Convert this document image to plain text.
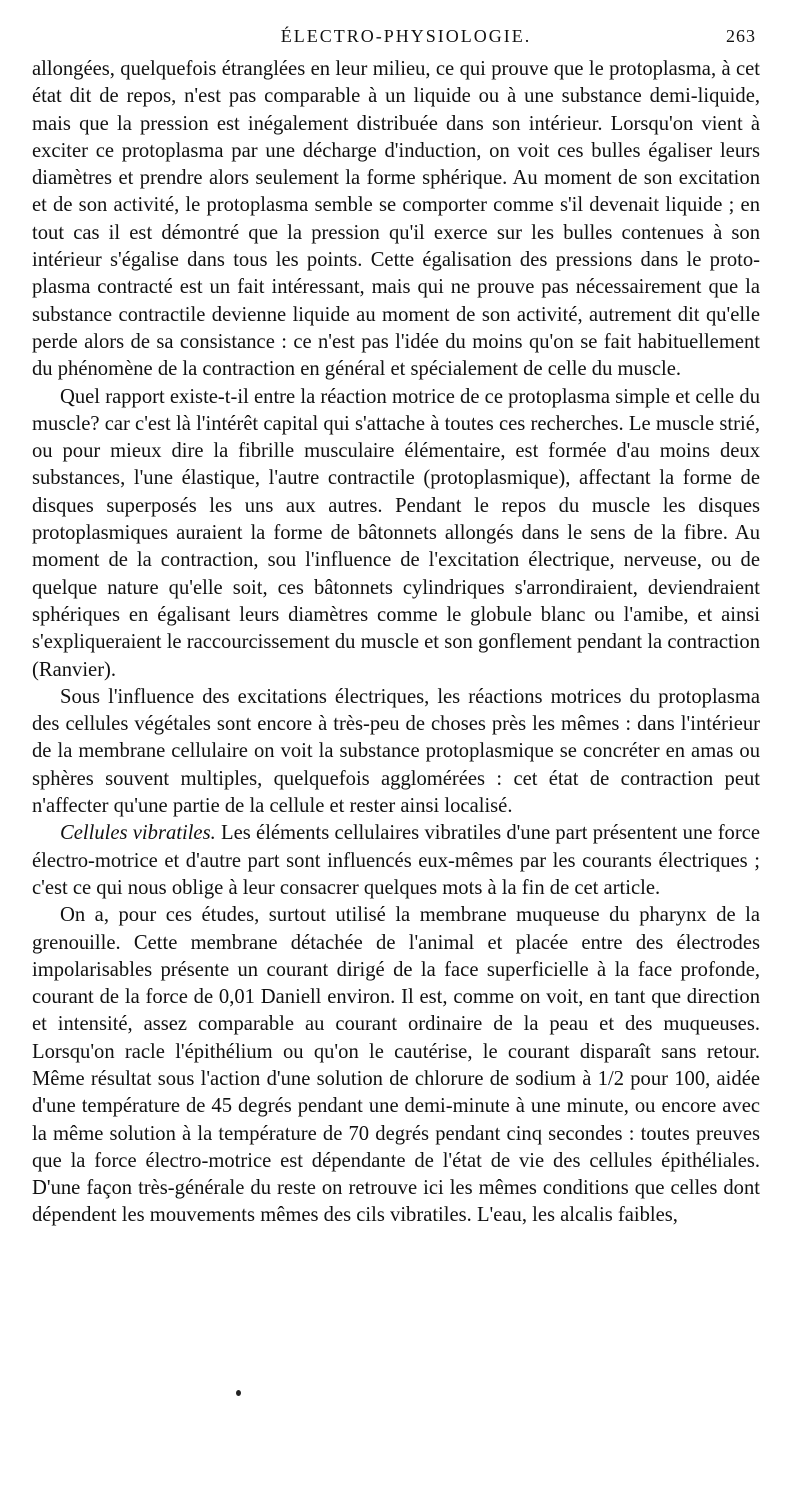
ÉLECTRO-PHYSIOLOGIE.	263

allongées, quelquefois étranglées en leur milieu, ce qui prouve que le protoplasma, à cet état dit de repos, n'est pas comparable à un liquide ou à une substance demi-liquide, mais que la pression est inégalement distribuée dans son intérieur. Lorsqu'on vient à exciter ce protoplasma par une décharge d'induction, on voit ces bulles égaliser leurs diamètres et prendre alors seulement la forme sphérique. Au moment de son excitation et de son activité, le protoplasma semble se comporter comme s'il devenait liquide ; en tout cas il est démontré que la pression qu'il exerce sur les bulles contenues à son intérieur s'égalise dans tous les points. Cette égalisation des pressions dans le protoplasma contracté est un fait intéressant, mais qui ne prouve pas nécessairement que la substance contractile devienne liquide au moment de son activité, autrement dit qu'elle perde alors de sa consistance : ce n'est pas l'idée du moins qu'on se fait habituellement du phénomène de la contraction en général et spécialement de celle du muscle.

Quel rapport existe-t-il entre la réaction motrice de ce protoplasma simple et celle du muscle? car c'est là l'intérêt capital qui s'attache à toutes ces recherches. Le muscle strié, ou pour mieux dire la fibrille musculaire élémentaire, est formée d'au moins deux substances, l'une élastique, l'autre contractile (protoplasmique), affectant la forme de disques superposés les uns aux autres. Pendant le repos du muscle les disques protoplasmiques auraient la forme de bâtonnets allongés dans le sens de la fibre. Au moment de la contraction, sou l'influence de l'excitation électrique, nerveuse, ou de quelque nature qu'elle soit, ces bâtonnets cylindriques s'arrondiraient, deviendraient sphériques en égalisant leurs diamètres comme le globule blanc ou l'amibe, et ainsi s'expliqueraient le raccourcissement du muscle et son gonflement pendant la contraction (Ranvier).

Sous l'influence des excitations électriques, les réactions motrices du protoplasma des cellules végétales sont encore à très-peu de choses près les mêmes : dans l'intérieur de la membrane cellulaire on voit la substance protoplasmique se concréter en amas ou sphères souvent multiples, quelquefois agglomérées : cet état de contraction peut n'affecter qu'une partie de la cellule et rester ainsi localisé.

Cellules vibratiles. Les éléments cellulaires vibratiles d'une part présentent une force électro-motrice et d'autre part sont influencés eux-mêmes par les courants électriques ; c'est ce qui nous oblige à leur consacrer quelques mots à la fin de cet article.

On a, pour ces études, surtout utilisé la membrane muqueuse du pharynx de la grenouille. Cette membrane détachée de l'animal et placée entre des électrodes impolarisables présente un courant dirigé de la face superficielle à la face profonde, courant de la force de 0,01 Daniell environ. Il est, comme on voit, en tant que direction et intensité, assez comparable au courant ordinaire de la peau et des muqueuses. Lorsqu'on racle l'épithélium ou qu'on le cautérise, le courant disparaît sans retour. Même résultat sous l'action d'une solution de chlorure de sodium à 1/2 pour 100, aidée d'une température de 45 degrés pendant une demi-minute à une minute, ou encore avec la même solution à la température de 70 degrés pendant cinq secondes : toutes preuves que la force électro-motrice est dépendante de l'état de vie des cellules épithéliales. D'une façon très-générale du reste on retrouve ici les mêmes conditions que celles dont dépendent les mouvements mêmes des cils vibratiles. L'eau, les alcalis faibles,
